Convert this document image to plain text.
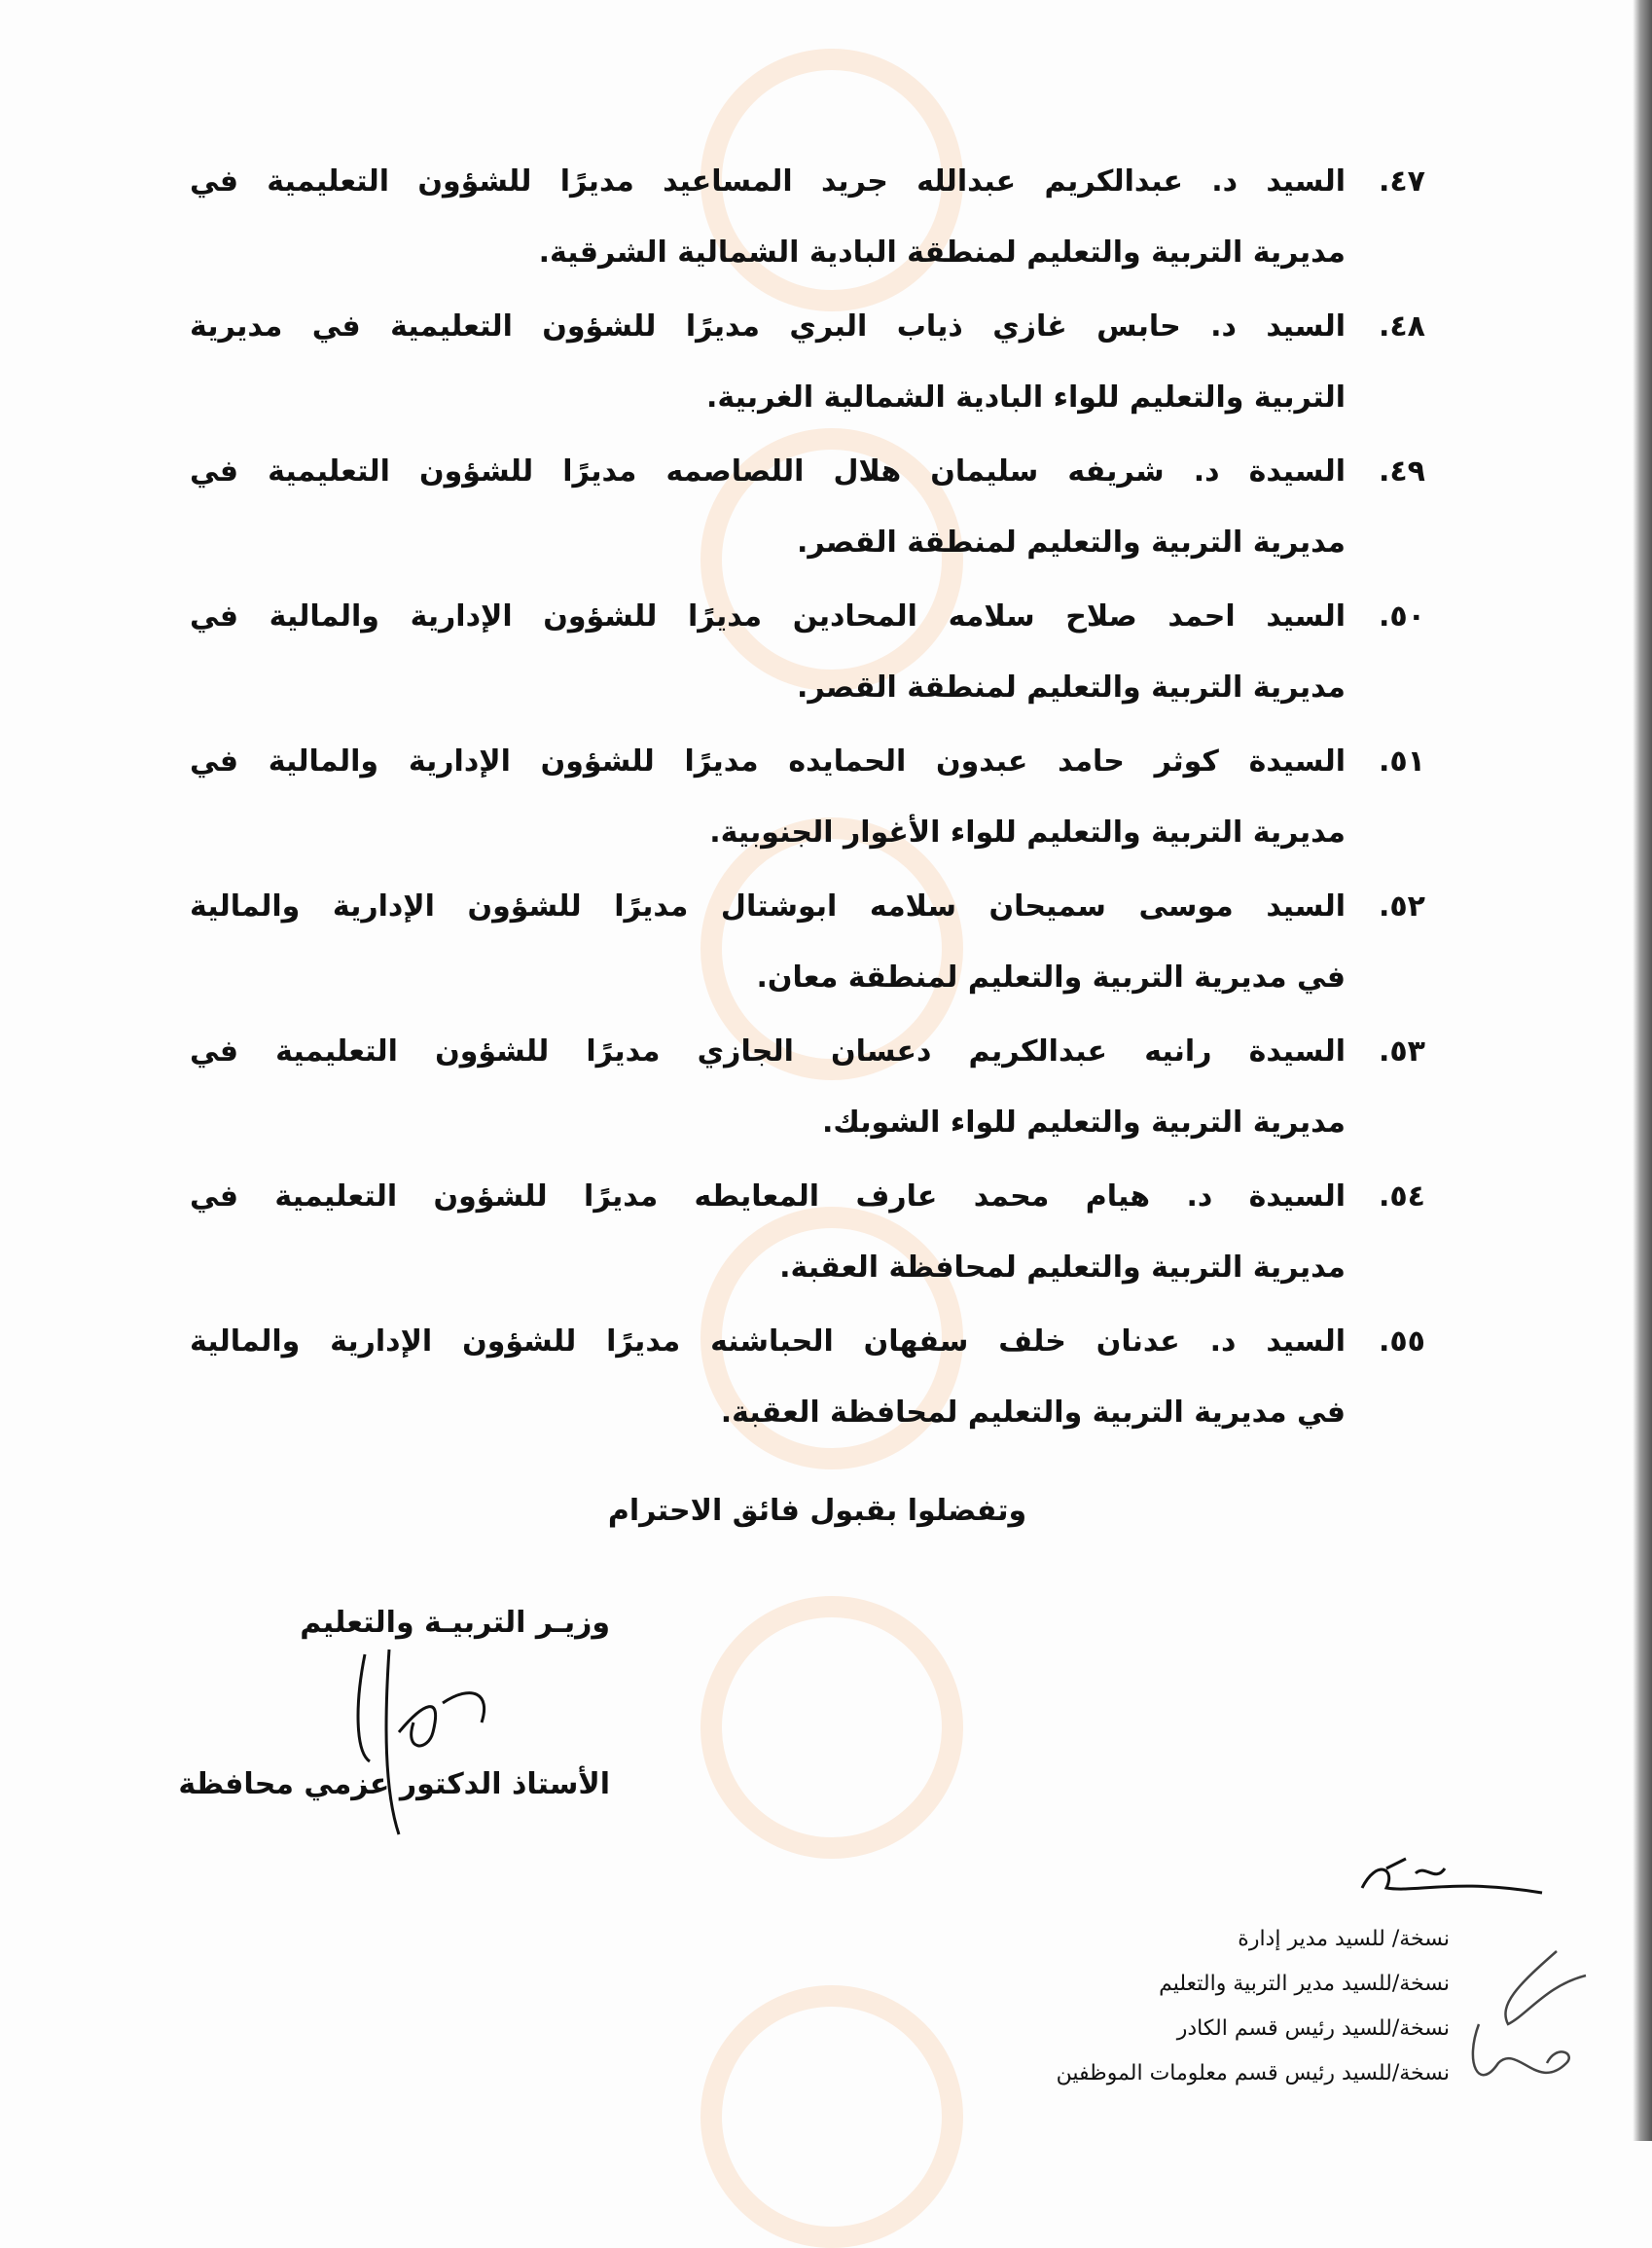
٤٧.
السيد د. عبدالكريم عبدالله جريد المساعيد مديرًا للشؤون التعليمية في
مديرية التربية والتعليم لمنطقة البادية الشمالية الشرقية.
٤٨.
السيد د. حابس غازي ذياب البري مديرًا للشؤون التعليمية في مديرية
التربية والتعليم للواء البادية الشمالية الغربية.
٤٩.
السيدة د. شريفه سليمان هلال اللصاصمه مديرًا للشؤون التعليمية في
مديرية التربية والتعليم لمنطقة القصر.
٥٠.
السيد احمد صلاح سلامه المحادين مديرًا للشؤون الإدارية والمالية في
مديرية التربية والتعليم لمنطقة القصر.
٥١.
السيدة كوثر حامد عبدون الحمايده مديرًا للشؤون الإدارية والمالية في
مديرية التربية والتعليم للواء الأغوار الجنوبية.
٥٢.
السيد موسى سميحان سلامه ابوشتال مديرًا للشؤون الإدارية والمالية
في مديرية التربية والتعليم لمنطقة معان.
٥٣.
السيدة رانيه عبدالكريم دعسان الجازي مديرًا للشؤون التعليمية في
مديرية التربية والتعليم للواء الشوبك.
٥٤.
السيدة د. هيام محمد عارف المعايطه مديرًا للشؤون التعليمية في
مديرية التربية والتعليم لمحافظة العقبة.
٥٥.
السيد د. عدنان خلف سفهان الحباشنه مديرًا للشؤون الإدارية والمالية
في مديرية التربية والتعليم لمحافظة العقبة.
وتفضلوا بقبول فائق الاحترام
وزيـر التربيـة والتعليم
الأستاذ الدكتور عزمي محافظة
نسخة/ للسيد مدير إدارة
نسخة/للسيد مدير التربية والتعليم
نسخة/للسيد رئيس قسم الكادر
نسخة/للسيد رئيس قسم معلومات الموظفين
